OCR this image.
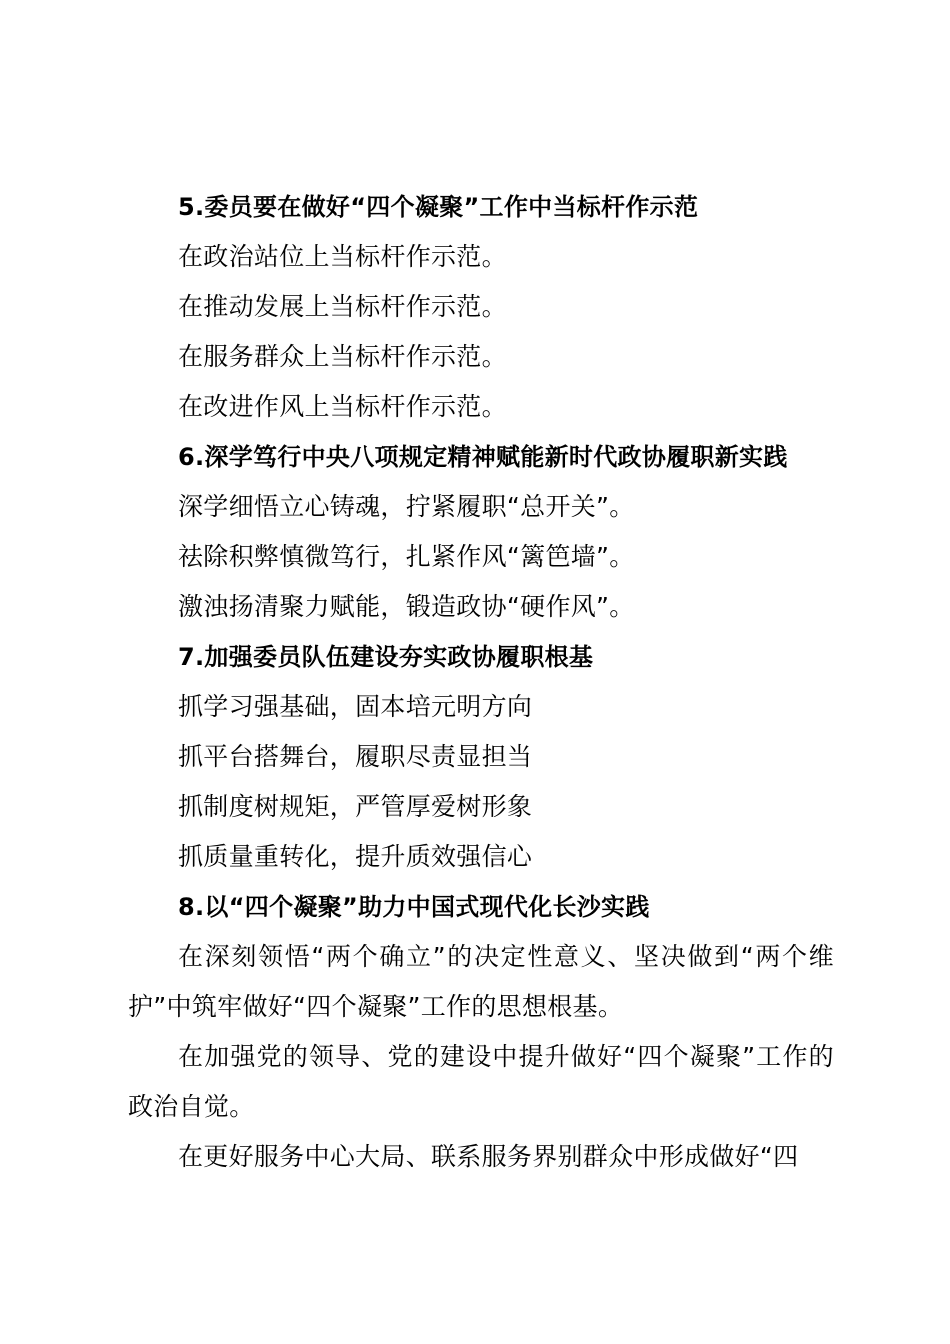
5.委员要在做好“四个凝聚”工作中当标杆作示范
在政治站位上当标杆作示范。
在推动发展上当标杆作示范。
在服务群众上当标杆作示范。
在改进作风上当标杆作示范。
6.深学笃行中央八项规定精神赋能新时代政协履职新实践
深学细悟立心铸魂，拧紧履职“总开关”。
祛除积弊慎微笃行，扎紧作风“篱笆墙”。
激浊扬清聚力赋能，锻造政协“硬作风”。
7.加强委员队伍建设夯实政协履职根基
抓学习强基础，固本培元明方向
抓平台搭舞台，履职尽责显担当
抓制度树规矩，严管厚爱树形象
抓质量重转化，提升质效强信心
8.以“四个凝聚”助力中国式现代化长沙实践
在深刻领悟“两个确立”的决定性意义、坚决做到“两个维护”中筑牢做好“四个凝聚”工作的思想根基。
在加强党的领导、党的建设中提升做好“四个凝聚”工作的政治自觉。
在更好服务中心大局、联系服务界别群众中形成做好“四
